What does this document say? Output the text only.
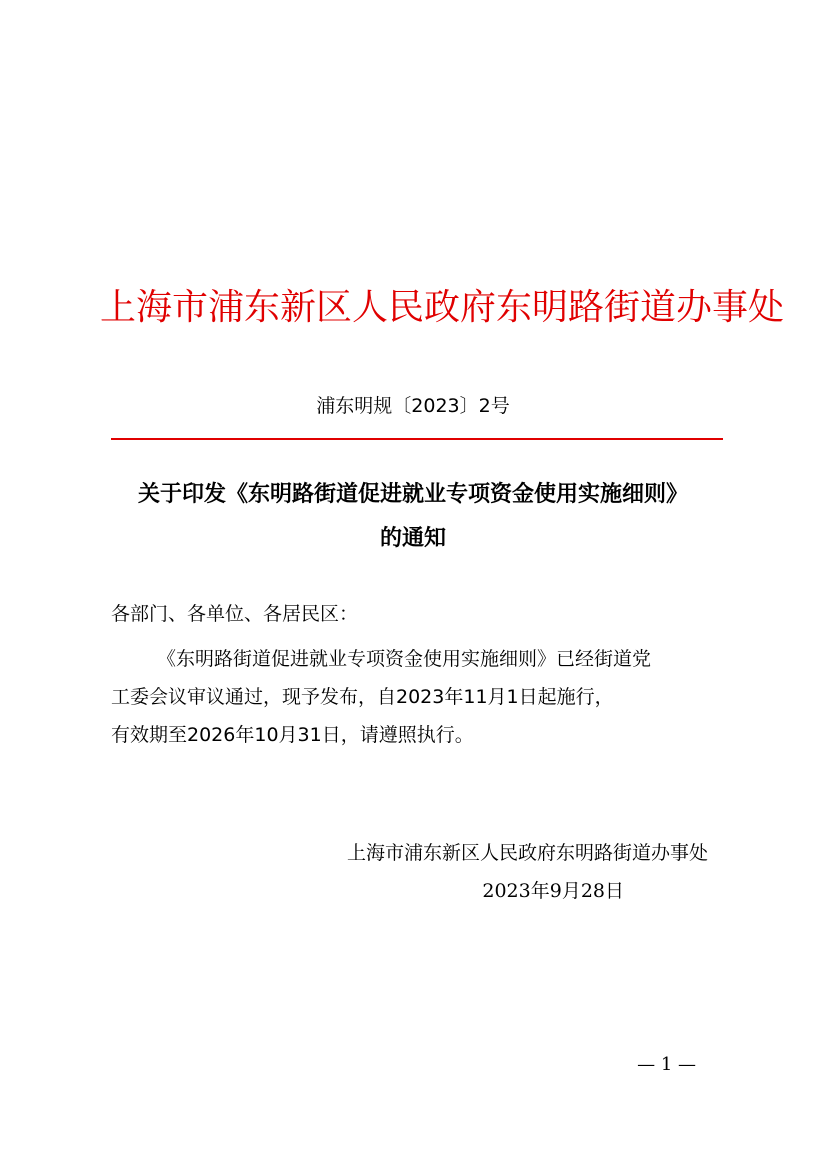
上海市浦东新区人民政府东明路街道办事处
浦东明规〔2023〕2号
关于印发《东明路街道促进就业专项资金使用实施细则》
的通知
各部门、各单位、各居民区：
《东明路街道促进就业专项资金使用实施细则》已经街道党
工委会议审议通过，现予发布，自2023年11月1日起施行，
有效期至2026年10月31日，请遵照执行。
上海市浦东新区人民政府东明路街道办事处
2023年9月28日
— 1 —
